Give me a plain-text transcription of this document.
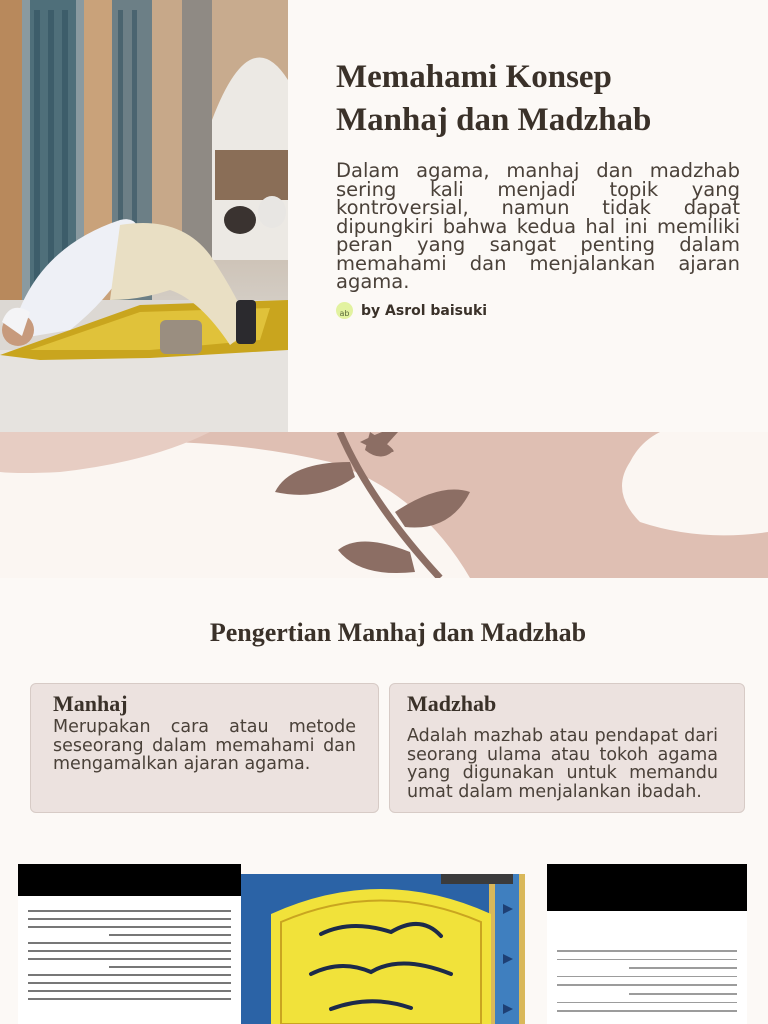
Memahami Konsep
Manhaj dan Madzhab

Dalam agama, manhaj dan madzhab sering kali menjadi topik yang kontroversial, namun tidak dapat dipungkiri bahwa kedua hal ini memiliki peran yang sangat penting dalam memahami dan menjalankan ajaran agama.

ab by Asrol baisuki
Pengertian Manhaj dan Madzhab
Manhaj

Merupakan cara atau metode seseorang dalam memahami dan mengamalkan ajaran agama.

Madzhab

Adalah mazhab atau pendapat dari seorang ulama atau tokoh agama yang digunakan untuk memandu umat dalam menjalankan ibadah.
